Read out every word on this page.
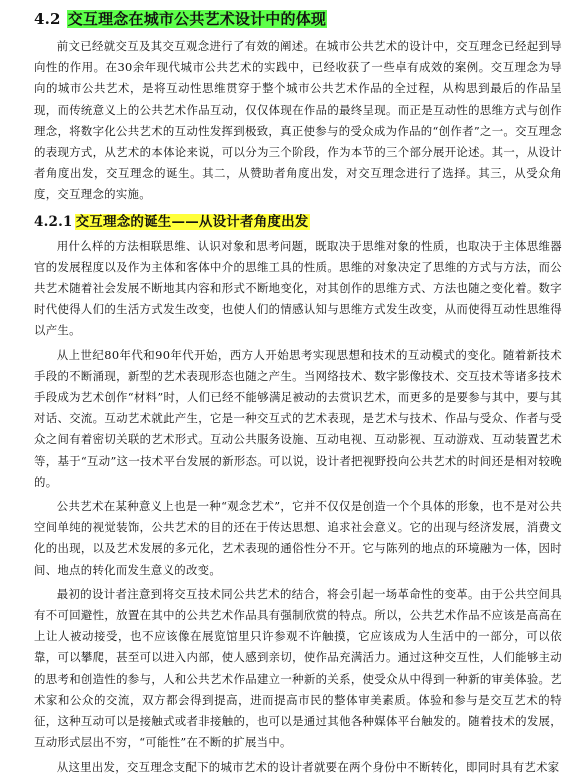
4.2 交互理念在城市公共艺术设计中的体现

前文已经就交互及其交互观念进行了有效的阐述。在城市公共艺术的设计中，交互理念已经起到导向性的作用。在30余年现代城市公共艺术的实践中，已经收获了一些卓有成效的案例。交互理念为导向的城市公共艺术，是将互动性思维贯穿于整个城市公共艺术作品的全过程，从构思到最后的作品呈现，而传统意义上的公共艺术作品互动，仅仅体现在作品的最终呈现。而正是互动性的思维方式与创作理念，将数字化公共艺术的互动性发挥到极致，真正使参与的受众成为作品的“创作者”之一。交互理念的表现方式，从艺术的本体论来说，可以分为三个阶段，作为本节的三个部分展开论述。其一，从设计者角度出发，交互理念的诞生。其二，从赞助者角度出发，对交互理念进行了选择。其三，从受众角度，交互理念的实施。

4.2.1 交互理念的诞生——从设计者角度出发

用什么样的方法相联思维、认识对象和思考问题，既取决于思维对象的性质，也取决于主体思维器官的发展程度以及作为主体和客体中介的思维工具的性质。思维的对象决定了思维的方式与方法，而公共艺术随着社会发展不断地其内容和形式不断地变化，对其创作的思维方式、方法也随之变化着。数字时代使得人们的生活方式发生改变，也使人们的情感认知与思维方式发生改变，从而使得互动性思维得以产生。

从上世纪80年代和90年代开始，西方人开始思考实现思想和技术的互动模式的变化。随着新技术手段的不断涌现，新型的艺术表现形态也随之产生。当网络技术、数字影像技术、交互技术等诸多技术手段成为艺术创作“材料”时，人们已经不能够满足被动的去赏识艺术，而更多的是要参与其中，要与其对话、交流。互动艺术就此产生，它是一种交互式的艺术表现，是艺术与技术、作品与受众、作者与受众之间有着密切关联的艺术形式。互动公共服务设施、互动电视、互动影视、互动游戏、互动装置艺术等，基于“互动”这一技术平台发展的新形态。可以说，设计者把视野投向公共艺术的时间还是相对较晚的。

公共艺术在某种意义上也是一种“观念艺术”，它并不仅仅是创造一个个具体的形象，也不是对公共空间单纯的视觉装饰，公共艺术的目的还在于传达思想、追求社会意义。它的出现与经济发展，消费文化的出现，以及艺术发展的多元化，艺术表现的通俗性分不开。它与陈列的地点的环境融为一体，因时间、地点的转化而发生意义的改变。

最初的设计者注意到将交互技术同公共艺术的结合，将会引起一场革命性的变革。由于公共空间具有不可回避性，放置在其中的公共艺术作品具有强制欣赏的特点。所以，公共艺术作品不应该是高高在上让人被动接受，也不应该像在展览馆里只许参观不许触摸，它应该成为人生活中的一部分，可以依靠，可以攀爬，甚至可以进入内部，使人感到亲切，使作品充满活力。通过这种交互性，人们能够主动的思考和创造性的参与，人和公共艺术作品建立一种新的关系，使受众从中得到一种新的审美体验。艺术家和公众的交流，双方都会得到提高，进而提高市民的整体审美素质。体验和参与是交互艺术的特征，这种互动可以是接触式或者非接触的，也可以是通过其他各种媒体平台触发的。随着技术的发展，互动形式层出不穷，“可能性”在不断的扩展当中。

从这里出发，交互理念支配下的城市艺术的设计者就要在两个身份中不断转化，即同时具有艺术家
